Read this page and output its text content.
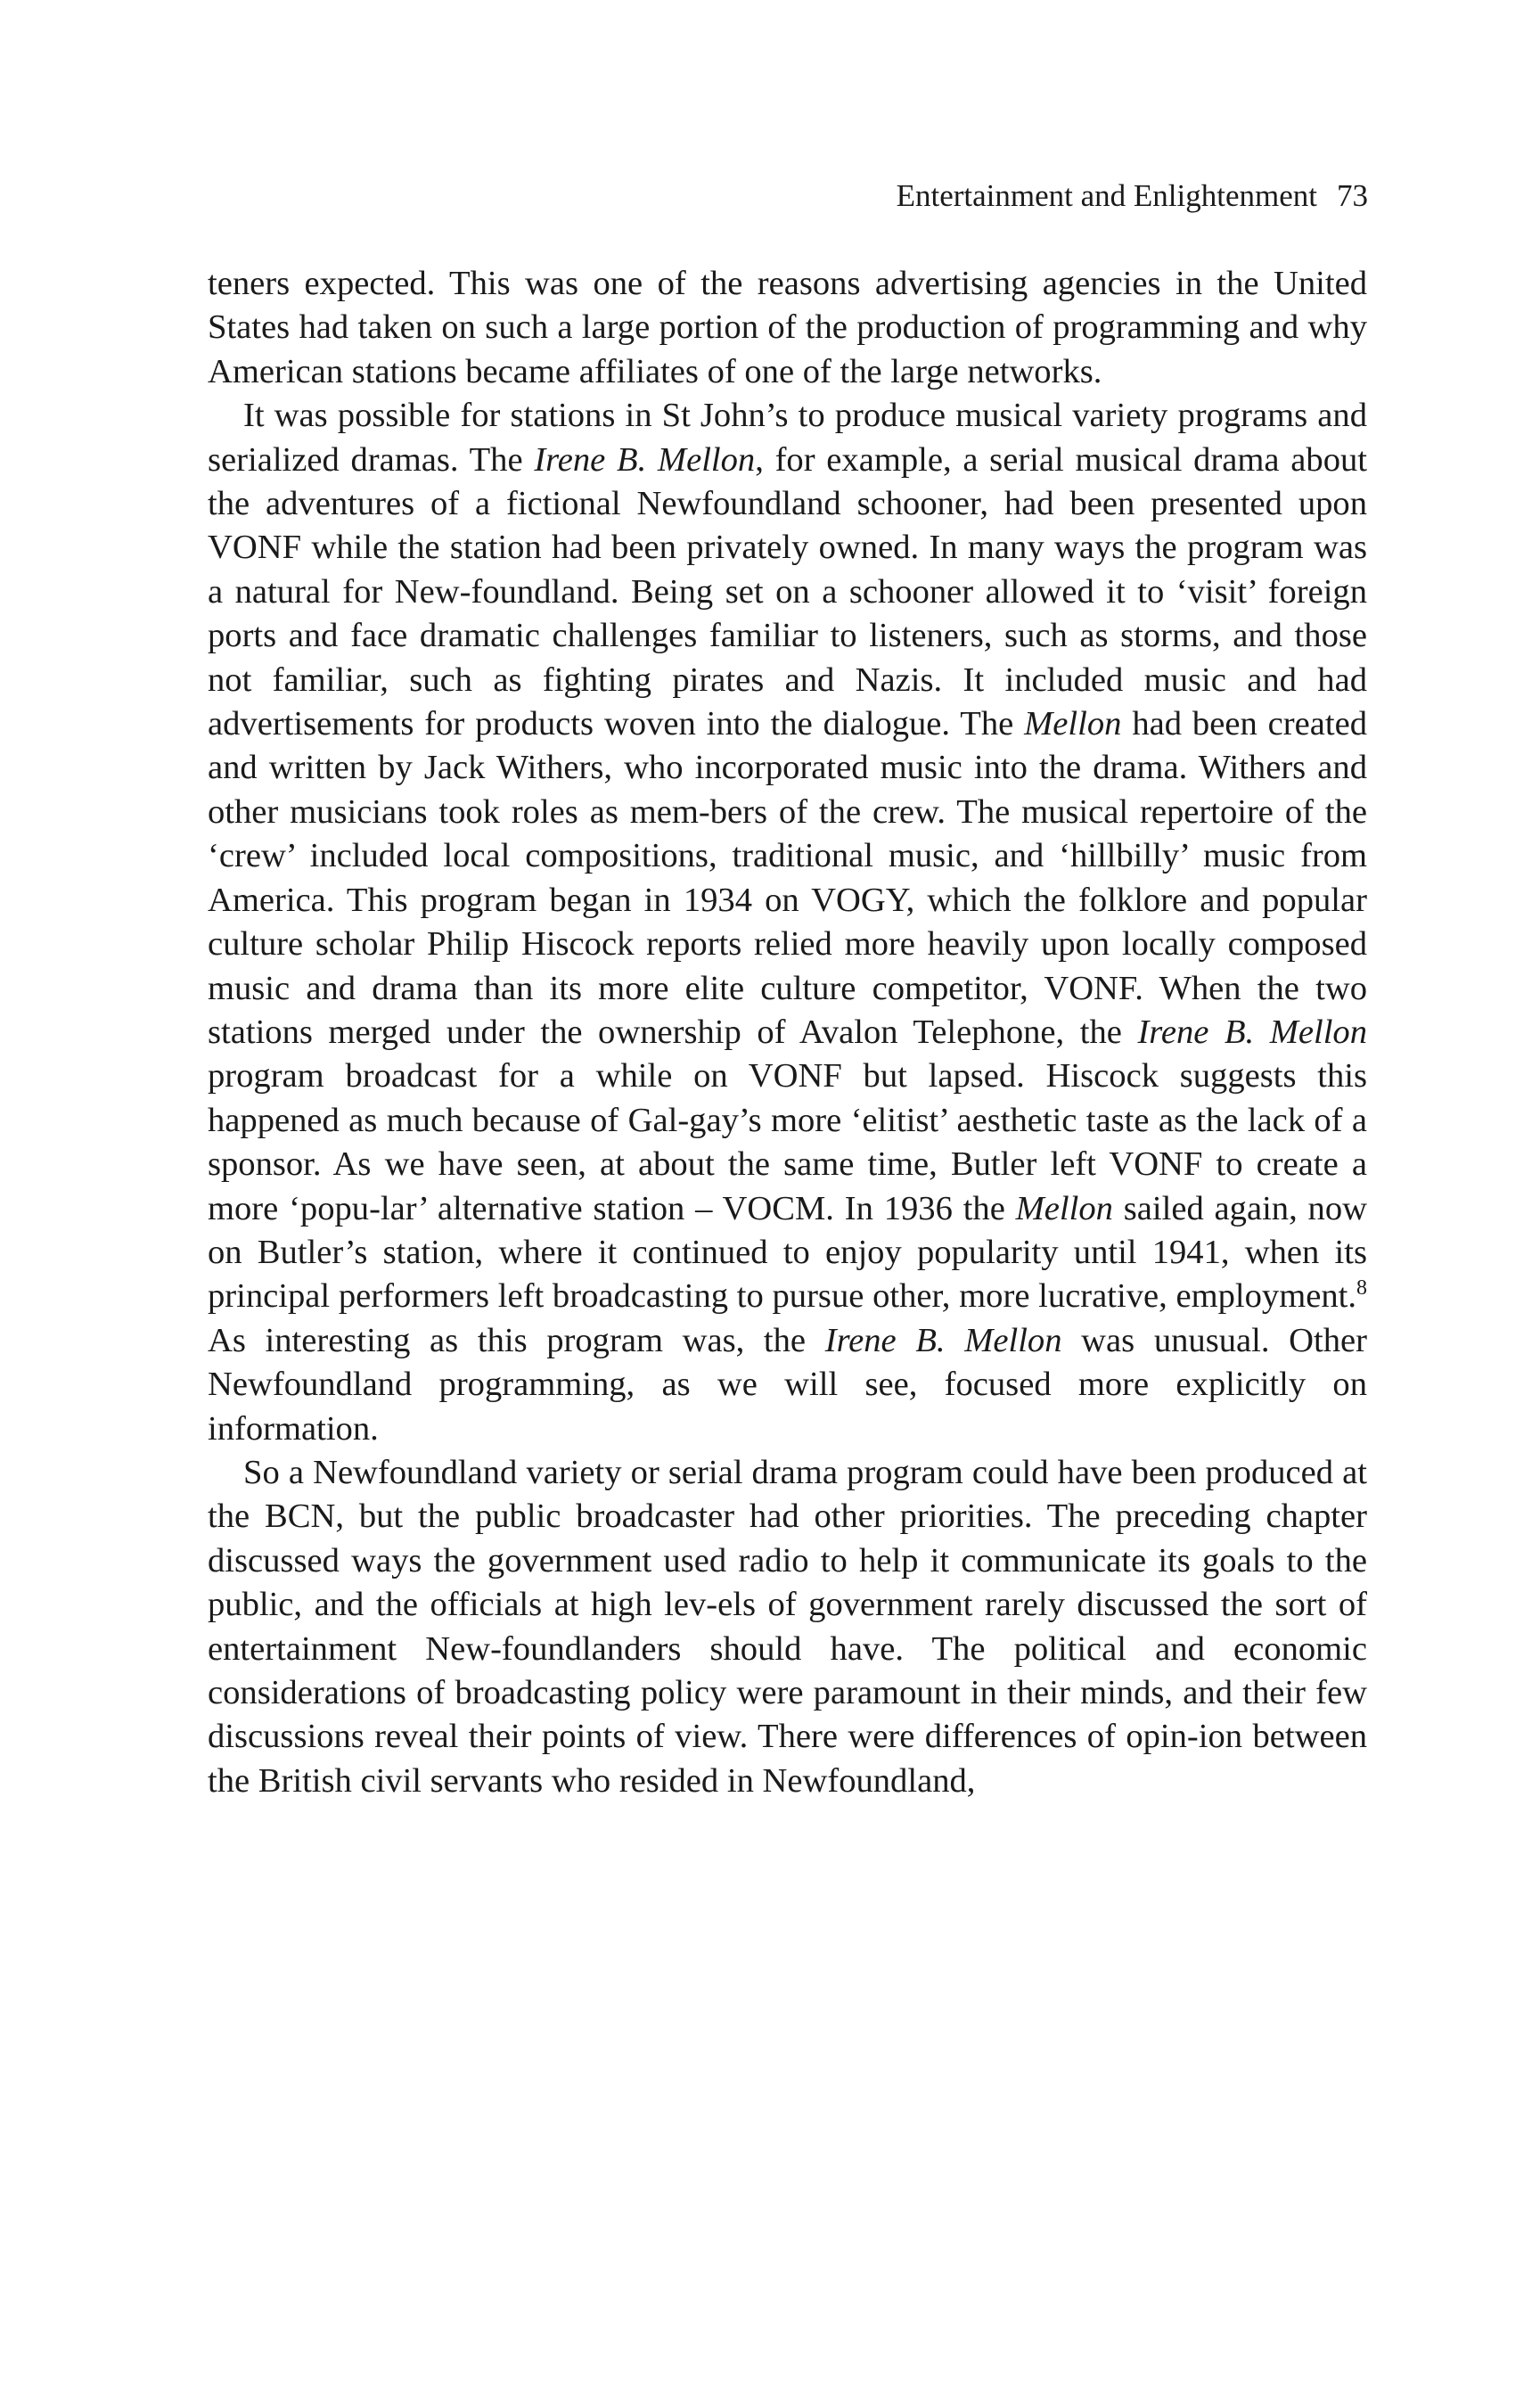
Entertainment and Enlightenment 73

teners expected. This was one of the reasons advertising agencies in the United States had taken on such a large portion of the production of programming and why American stations became affiliates of one of the large networks.

It was possible for stations in St John’s to produce musical variety programs and serialized dramas. The Irene B. Mellon, for example, a serial musical drama about the adventures of a fictional Newfoundland schooner, had been presented upon VONF while the station had been privately owned. In many ways the program was a natural for New-foundland. Being set on a schooner allowed it to ‘visit’ foreign ports and face dramatic challenges familiar to listeners, such as storms, and those not familiar, such as fighting pirates and Nazis. It included music and had advertisements for products woven into the dialogue. The Mellon had been created and written by Jack Withers, who incorporated music into the drama. Withers and other musicians took roles as mem-bers of the crew. The musical repertoire of the ‘crew’ included local compositions, traditional music, and ‘hillbilly’ music from America. This program began in 1934 on VOGY, which the folklore and popular culture scholar Philip Hiscock reports relied more heavily upon locally composed music and drama than its more elite culture competitor, VONF. When the two stations merged under the ownership of Avalon Telephone, the Irene B. Mellon program broadcast for a while on VONF but lapsed. Hiscock suggests this happened as much because of Gal-gay’s more ‘elitist’ aesthetic taste as the lack of a sponsor. As we have seen, at about the same time, Butler left VONF to create a more ‘popu-lar’ alternative station – VOCM. In 1936 the Mellon sailed again, now on Butler’s station, where it continued to enjoy popularity until 1941, when its principal performers left broadcasting to pursue other, more lucrative, employment.$^8$ As interesting as this program was, the Irene B. Mellon was unusual. Other Newfoundland programming, as we will see, focused more explicitly on information.

So a Newfoundland variety or serial drama program could have been produced at the BCN, but the public broadcaster had other priorities. The preceding chapter discussed ways the government used radio to help it communicate its goals to the public, and the officials at high lev-els of government rarely discussed the sort of entertainment New-foundlanders should have. The political and economic considerations of broadcasting policy were paramount in their minds, and their few discussions reveal their points of view. There were differences of opin-ion between the British civil servants who resided in Newfoundland,
